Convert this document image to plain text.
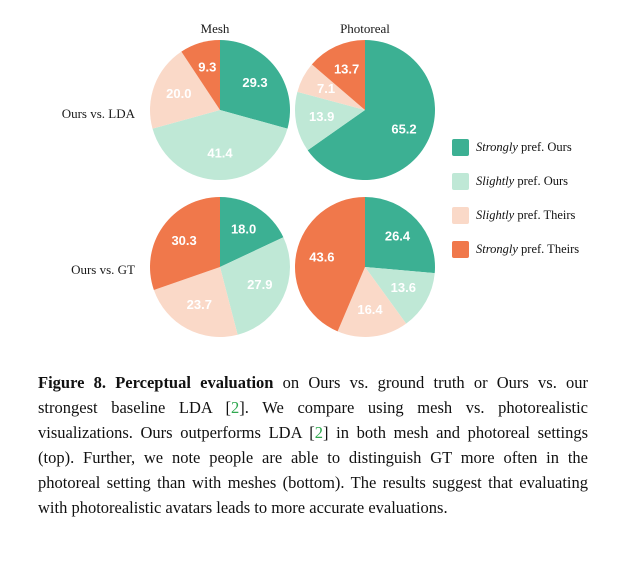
Mesh	Photoreal
Ours vs. LDA
Ours vs. GT
29.3
41.4
20.0
9.3
65.2
13.9
7.1
13.7
18.0
27.9
23.7
30.3	26.4
13.6
16.4
43.6
Strongly pref. Ours
Slightly pref. Ours
Slightly pref. Theirs
Strongly pref. Theirs
Figure 8. Perceptual evaluation on Ours vs. ground truth or Ours vs. our strongest baseline LDA [2]. We compare using mesh vs. photorealistic visualizations. Ours outperforms LDA [2] in both mesh and photoreal settings (top). Further, we note people are able to distinguish GT more often in the photoreal setting than with meshes (bottom). The results suggest that evaluating with photorealistic avatars leads to more accurate evaluations.
